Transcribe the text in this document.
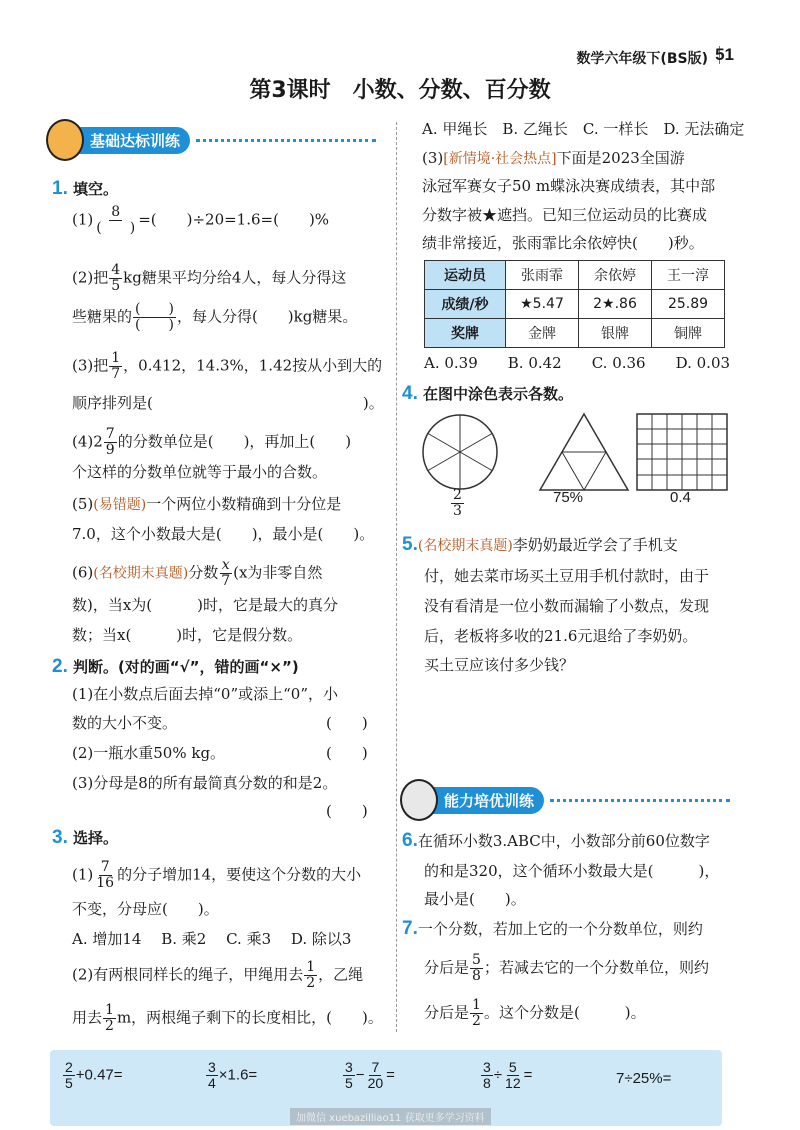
数学六年级下(BS版) 51
第3课时　小数、分数、百分数
基础达标训练
1. 填空。
$(1) \frac{8}{( )}$ =(　　)÷20=1.6=(　　)%
(2)把 $\frac{4}{5}$ kg糖果平均分给4人，每人分得这
些糖果的 $\frac{( )}{( )}$ ，每人分得(　　)kg糖果。
(3)把 $\frac{1}{7}$ ，0.412，14.3%，1.42按从小到大的
顺序排列是(　　　　　　　　　　　　　　)。
$(4)2 \frac{7}{9}$ 的分数单位是(　　)，再加上(　　)
个这样的分数单位就等于最小的合数。
(5)(易错题)一个两位小数精确到十分位是
7.0，这个小数最大是(　　)，最小是(　　)。
(6)(名校期末真题)分数 $\frac{x}{7} (x$为非零自然
数)，当x为(　　　)时，它是最大的真分
数；当x(　　　)时，它是假分数。
2. 判断。(对的画“√”，错的画“×”)
(1)在小数点后面去掉“0”或添上“0”，小
数的大小不变。	(　　)
(2)一瓶水重50% kg。	(　　)
(3)分母是8的所有最简真分数的和是2。
(　　)
3. 选择。
$(1) \frac{7}{16}$ 的分子增加14，要使这个分数的大小
不变，分母应(　　)。
A. 增加14　 B. 乘2　 C. 乘3　 D. 除以3
(2)有两根同样长的绳子，甲绳用去 $\frac{1}{2}$ ，乙绳
用去 $\frac{1}{2}$ m，两根绳子剩下的长度相比，(　　)。
A. 甲绳长　B. 乙绳长　C. 一样长　D. 无法确定
(3)[新情境·社会热点]下面是2023全国游
泳冠军赛女子50 m蝶泳决赛成绩表，其中部
分数字被★遮挡。已知三位运动员的比赛成
绩非常接近，张雨霏比余依婷快(　　)秒。
运动员	张雨霏	余依婷	王一淳
成绩/秒	★5.47	2★.86	25.89
奖牌	金牌	银牌	铜牌
A. 0.39　　B. 0.42　　C. 0.36　　D. 0.03
4. 在图中涂色表示各数。
$\frac{2}{3}$	75%	0.4
5.(名校期末真题)李奶奶最近学会了手机支
付，她去菜市场买土豆用手机付款时，由于
没有看清是一位小数而漏输了小数点，发现
后，老板将多收的21.6元退给了李奶奶。
买土豆应该付多少钱？
能力培优训练
6.在循环小数3.ABC中，小数部分前60位数字
的和是320，这个循环小数最大是(　　　)，
最小是(　　)。
7.一个分数，若加上它的一个分数单位，则约
分后是 $\frac{5}{8}$ ；若减去它的一个分数单位，则约
分后是 $\frac{1}{2}$ 。这个分数是(　　　)。
$\frac{2}{5} +0.47=$	$\frac{3}{4} \times 1.6=$	$\frac{3}{5} - \frac{7}{20}$ =	$\frac{3}{8} \div \frac{5}{12}$ =	7÷25%=
加微信 xuebazilliao11 获取更多学习资料
